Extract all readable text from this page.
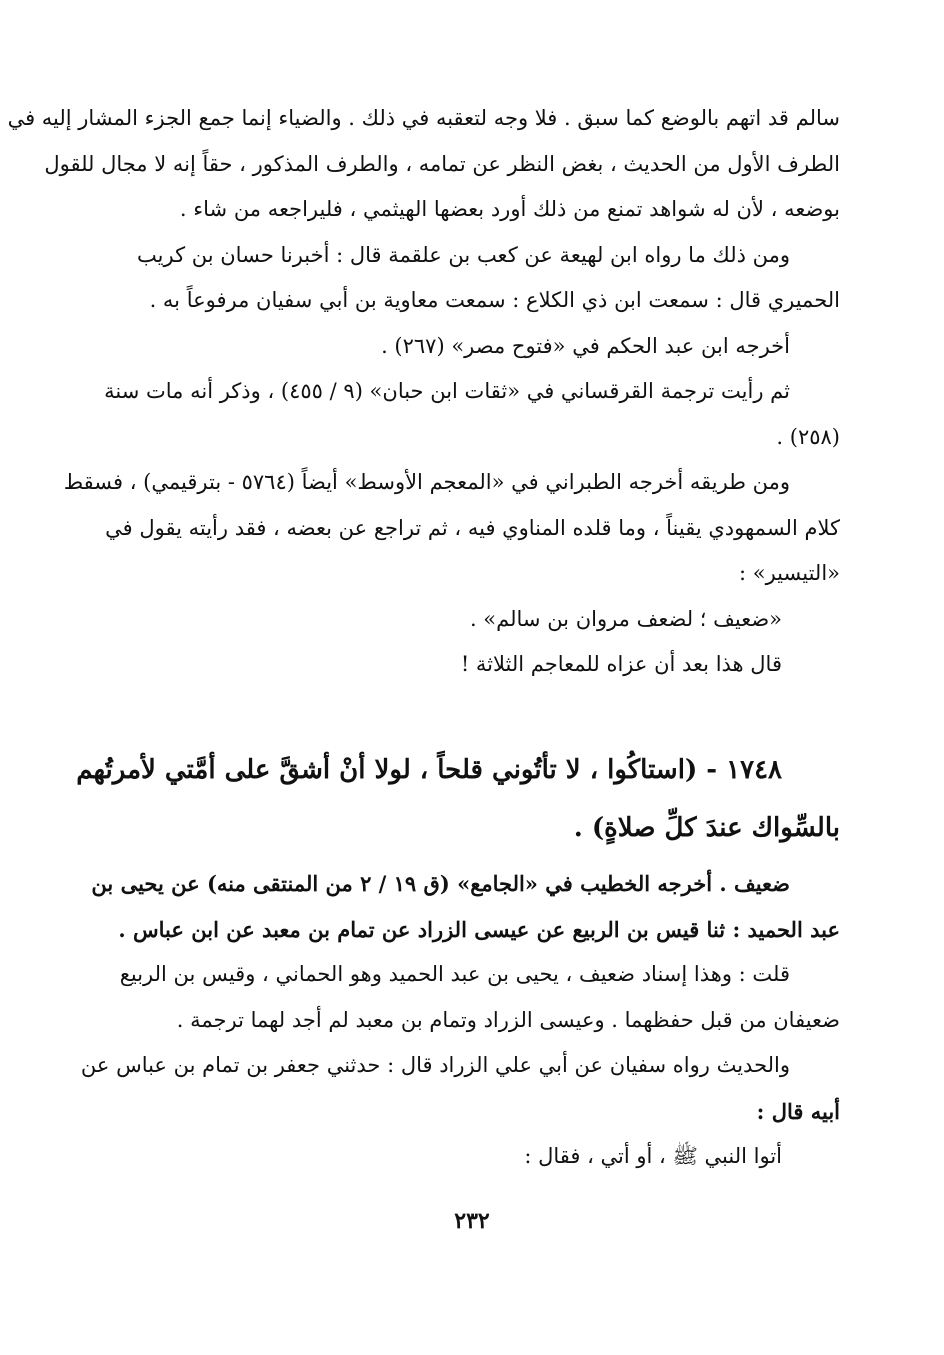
سالم قد اتهم بالوضع كما سبق . فلا وجه لتعقبه في ذلك . والضياء إنما جمع الجزء المشار إليه في
الطرف الأول من الحديث ، بغض النظر عن تمامه ، والطرف المذكور ، حقاً إنه لا مجال للقول
بوضعه ، لأن له شواهد تمنع من ذلك أورد بعضها الهيثمي ، فليراجعه من شاء .

ومن ذلك ما رواه ابن لهيعة عن كعب بن علقمة قال : أخبرنا حسان بن كريب
الحميري قال : سمعت ابن ذي الكلاع : سمعت معاوية بن أبي سفيان مرفوعاً به .

أخرجه ابن عبد الحكم في «فتوح مصر» (٢٦٧) .

ثم رأيت ترجمة القرقساني في «ثقات ابن حبان» (٩ / ٤٥٥) ، وذكر أنه مات سنة
(٢٥٨) .

ومن طريقه أخرجه الطبراني في «المعجم الأوسط» أيضاً (٥٧٦٤ - بترقيمي) ، فسقط
كلام السمهودي يقيناً ، وما قلده المناوي فيه ، ثم تراجع عن بعضه ، فقد رأيته يقول في
«التيسير» :

«ضعيف ؛ لضعف مروان بن سالم» .

قال هذا بعد أن عزاه للمعاجم الثلاثة !

١٧٤٨ - (استاكُوا ، لا تأتُوني قلحاً ، لولا أنْ أشقَّ على أمَّتي لأمرتُهم
بالسِّواك عندَ كلِّ صلاةٍ) .

ضعيف . أخرجه الخطيب في «الجامع» (ق ١٩ / ٢ من المنتقى منه) عن يحيى بن
عبد الحميد : ثنا قيس بن الربيع عن عيسى الزراد عن تمام بن معبد عن ابن عباس .

قلت : وهذا إسناد ضعيف ، يحيى بن عبد الحميد وهو الحماني ، وقيس بن الربيع
ضعيفان من قبل حفظهما . وعيسى الزراد وتمام بن معبد لم أجد لهما ترجمة .

والحديث رواه سفيان عن أبي علي الزراد قال : حدثني جعفر بن تمام بن عباس عن
أبيه قال :

أتوا النبي ﷺ ، أو أتي ، فقال :

٢٣٢
